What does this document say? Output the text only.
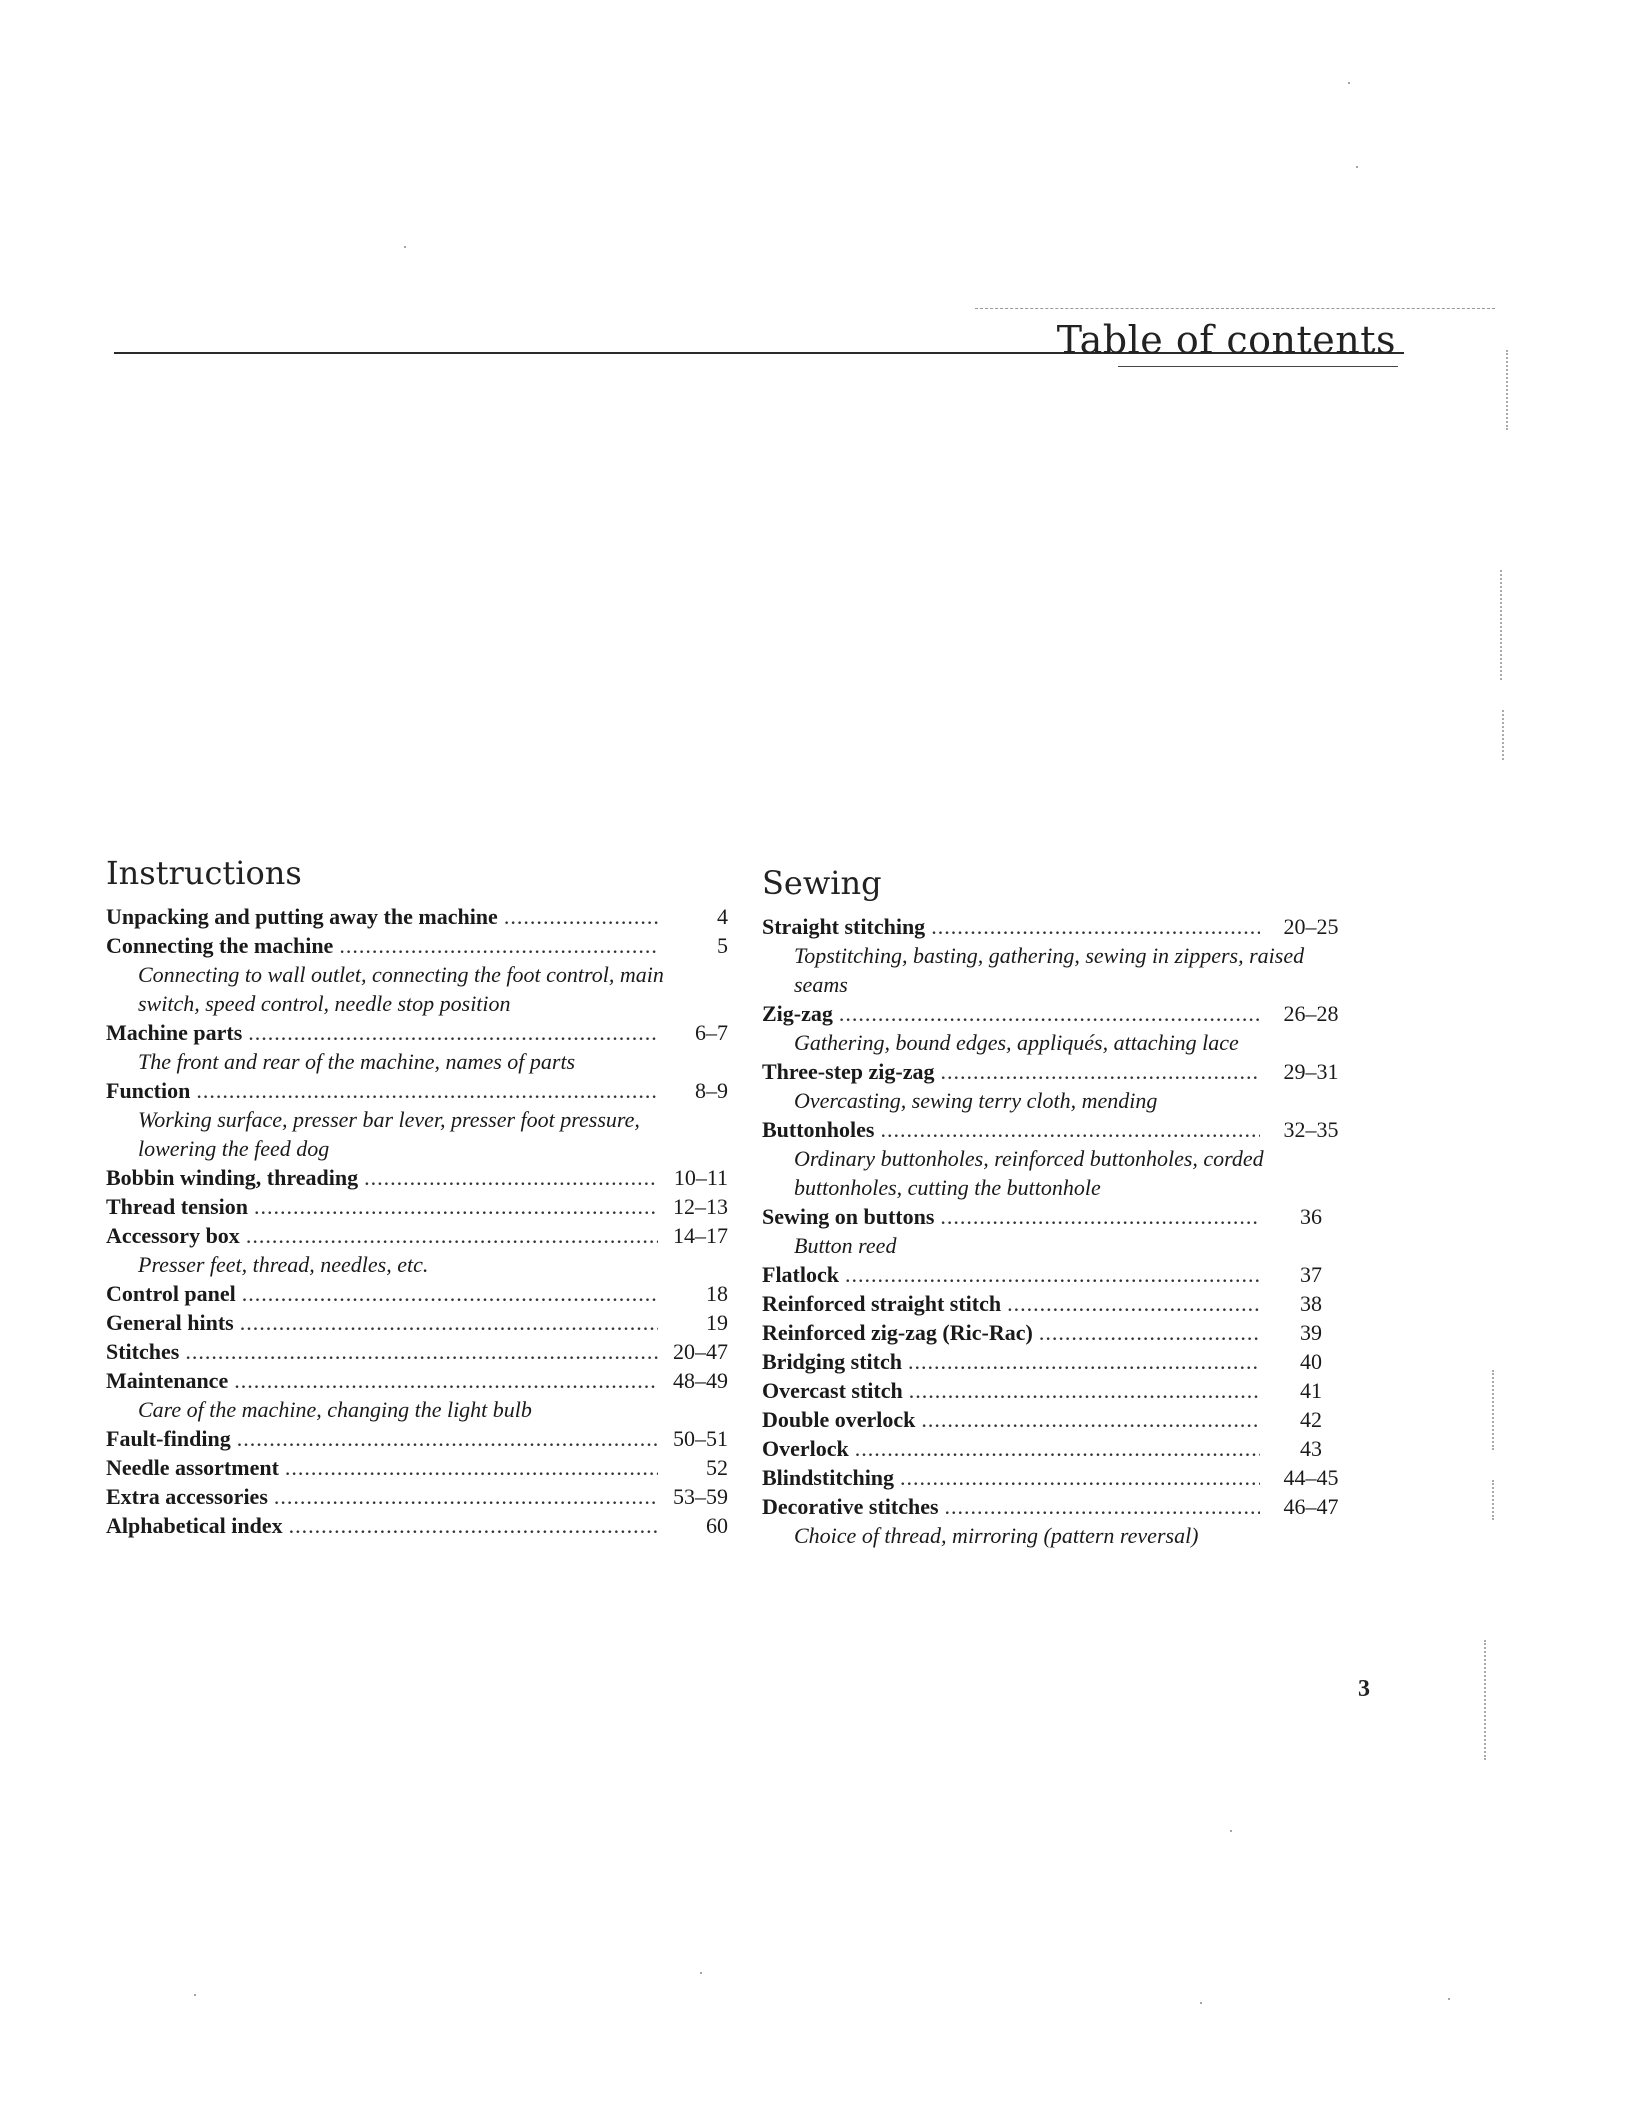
Table of contents
Instructions
Unpacking and putting away the machine .....	4
Connecting the machine .....	5
Connecting to wall outlet, connecting the foot control, main switch, speed control, needle stop position
Machine parts .....	6–7
The front and rear of the machine, names of parts
Function .....	8–9
Working surface, presser bar lever, presser foot pressure, lowering the feed dog
Bobbin winding, threading .....	10–11
Thread tension .....	12–13
Accessory box .....	14–17
Presser feet, thread, needles, etc.
Control panel .....	18
General hints .....	19
Stitches .....	20–47
Maintenance .....	48–49
Care of the machine, changing the light bulb
Fault-finding .....	50–51
Needle assortment .....	52
Extra accessories .....	53–59
Alphabetical index .....	60
Sewing
Straight stitching .....	20–25
Topstitching, basting, gathering, sewing in zippers, raised seams
Zig-zag .....	26–28
Gathering, bound edges, appliqués, attaching lace
Three-step zig-zag .....	29–31
Overcasting, sewing terry cloth, mending
Buttonholes .....	32–35
Ordinary buttonholes, reinforced buttonholes, corded buttonholes, cutting the buttonhole
Sewing on buttons .....	36
Button reed
Flatlock .....	37
Reinforced straight stitch .....	38
Reinforced zig-zag (Ric-Rac) .....	39
Bridging stitch .....	40
Overcast stitch .....	41
Double overlock .....	42
Overlock .....	43
Blindstitching .....	44–45
Decorative stitches .....	46–47
Choice of thread, mirroring (pattern reversal)
3
